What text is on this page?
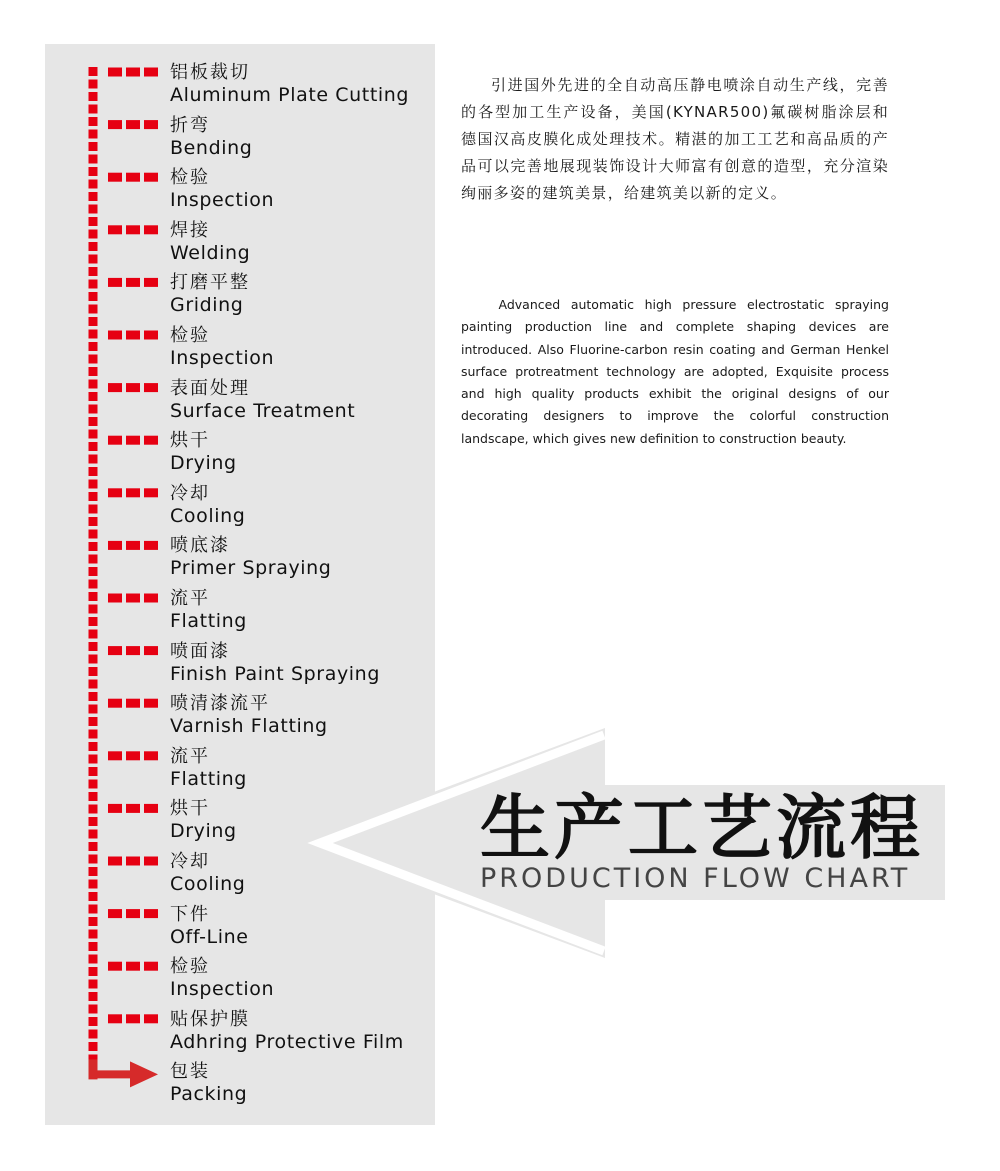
铝板裁切
Aluminum Plate Cutting
折弯
Bending
检验
Inspection
焊接
Welding
打磨平整
Griding
检验
Inspection
表面处理
Surface Treatment
烘干
Drying
冷却
Cooling
喷底漆
Primer Spraying
流平
Flatting
喷面漆
Finish Paint Spraying
喷清漆流平
Varnish Flatting
流平
Flatting
烘干
Drying
冷却
Cooling
下件
Off-Line
检验
Inspection
贴保护膜
Adhring Protective Film
包装
Packing

引进国外先进的全自动高压静电喷涂自动生产线，完善的各型加工生产设备，美国(KYNAR500)氟碳树脂涂层和德国汉高皮膜化成处理技术。精湛的加工工艺和高品质的产品可以完善地展现装饰设计大师富有创意的造型，充分渲染绚丽多姿的建筑美景，给建筑美以新的定义。

Advanced automatic high pressure electrostatic spraying painting production line and complete shaping devices are introduced. Also Fluorine-carbon resin coating and German Henkel surface protreatment technology are adopted, Exquisite process and high quality products exhibit the original designs of our decorating designers to improve the colorful construction landscape, which gives new definition to construction beauty.

生产工艺流程
PRODUCTION FLOW CHART
